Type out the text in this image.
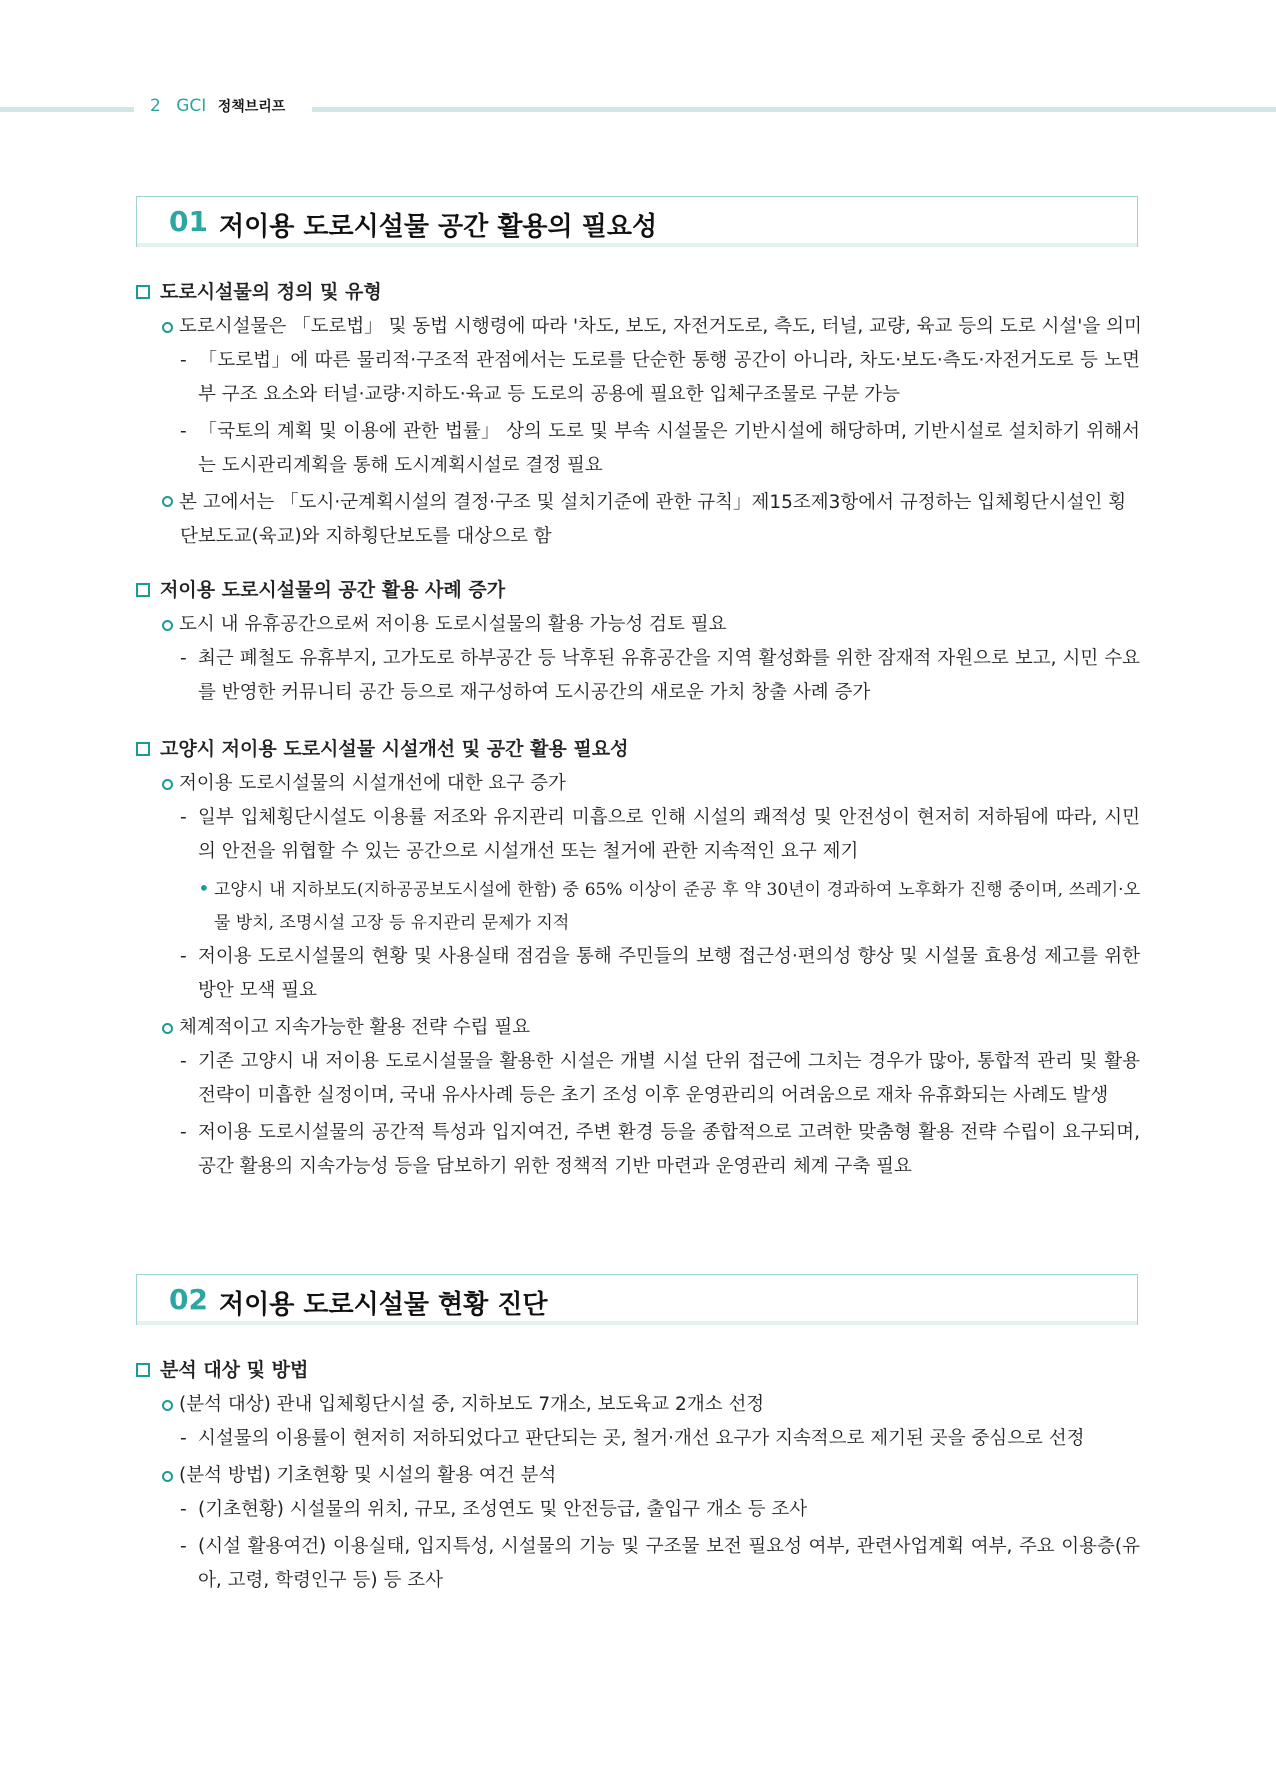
2 GCI 정책브리프
01 저이용 도로시설물 공간 활용의 필요성
도로시설물의 정의 및 유형
도로시설물은 「도로법」 및 동법 시행령에 따라 '차도, 보도, 자전거도로, 측도, 터널, 교량, 육교 등의 도로 시설'을 의미
- 「도로법」에 따른 물리적·구조적 관점에서는 도로를 단순한 통행 공간이 아니라, 차도·보도·측도·자전거도로 등 노면부 구조 요소와 터널·교량·지하도·육교 등 도로의 공용에 필요한 입체구조물로 구분 가능
- 「국토의 계획 및 이용에 관한 법률」 상의 도로 및 부속 시설물은 기반시설에 해당하며, 기반시설로 설치하기 위해서는 도시관리계획을 통해 도시계획시설로 결정 필요
본 고에서는 「도시·군계획시설의 결정·구조 및 설치기준에 관한 규칙」제15조제3항에서 규정하는 입체횡단시설인 횡단보도교(육교)와 지하횡단보도를 대상으로 함
저이용 도로시설물의 공간 활용 사례 증가
도시 내 유휴공간으로써 저이용 도로시설물의 활용 가능성 검토 필요
- 최근 폐철도 유휴부지, 고가도로 하부공간 등 낙후된 유휴공간을 지역 활성화를 위한 잠재적 자원으로 보고, 시민 수요를 반영한 커뮤니티 공간 등으로 재구성하여 도시공간의 새로운 가치 창출 사례 증가
고양시 저이용 도로시설물 시설개선 및 공간 활용 필요성
저이용 도로시설물의 시설개선에 대한 요구 증가
- 일부 입체횡단시설도 이용률 저조와 유지관리 미흡으로 인해 시설의 쾌적성 및 안전성이 현저히 저하됨에 따라, 시민의 안전을 위협할 수 있는 공간으로 시설개선 또는 철거에 관한 지속적인 요구 제기
• 고양시 내 지하보도(지하공공보도시설에 한함) 중 65% 이상이 준공 후 약 30년이 경과하여 노후화가 진행 중이며, 쓰레기·오물 방치, 조명시설 고장 등 유지관리 문제가 지적
- 저이용 도로시설물의 현황 및 사용실태 점검을 통해 주민들의 보행 접근성·편의성 향상 및 시설물 효용성 제고를 위한 방안 모색 필요
체계적이고 지속가능한 활용 전략 수립 필요
- 기존 고양시 내 저이용 도로시설물을 활용한 시설은 개별 시설 단위 접근에 그치는 경우가 많아, 통합적 관리 및 활용 전략이 미흡한 실정이며, 국내 유사사례 등은 초기 조성 이후 운영관리의 어려움으로 재차 유휴화되는 사례도 발생
- 저이용 도로시설물의 공간적 특성과 입지여건, 주변 환경 등을 종합적으로 고려한 맞춤형 활용 전략 수립이 요구되며, 공간 활용의 지속가능성 등을 담보하기 위한 정책적 기반 마련과 운영관리 체계 구축 필요
02 저이용 도로시설물 현황 진단
분석 대상 및 방법
(분석 대상) 관내 입체횡단시설 중, 지하보도 7개소, 보도육교 2개소 선정
- 시설물의 이용률이 현저히 저하되었다고 판단되는 곳, 철거·개선 요구가 지속적으로 제기된 곳을 중심으로 선정
(분석 방법) 기초현황 및 시설의 활용 여건 분석
- (기초현황) 시설물의 위치, 규모, 조성연도 및 안전등급, 출입구 개소 등 조사
- (시설 활용여건) 이용실태, 입지특성, 시설물의 기능 및 구조물 보전 필요성 여부, 관련사업계획 여부, 주요 이용층(유아, 고령, 학령인구 등) 등 조사
